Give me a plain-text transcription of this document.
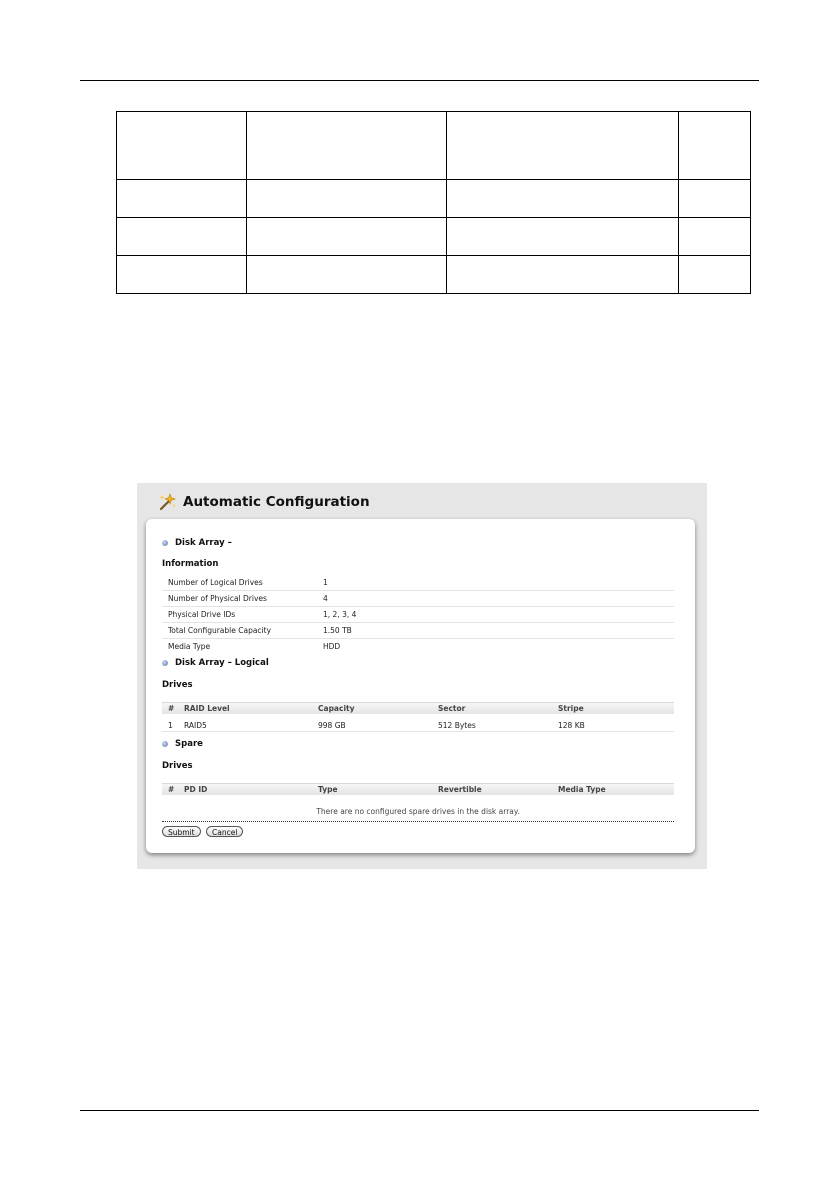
Automatic Configuration
Disk Array –
Information
Number of Logical Drives	1
Number of Physical Drives	4
Physical Drive IDs	1, 2, 3, 4
Total Configurable Capacity	1.50 TB
Media Type	HDD
Disk Array – Logical
Drives
# RAID Level	Capacity	Sector	Stripe
1 RAID5	998 GB	512 Bytes	128 KB
Spare
Drives
# PD ID	Type	Revertible	Media Type
There are no configured spare drives in the disk array.
Submit	Cancel
